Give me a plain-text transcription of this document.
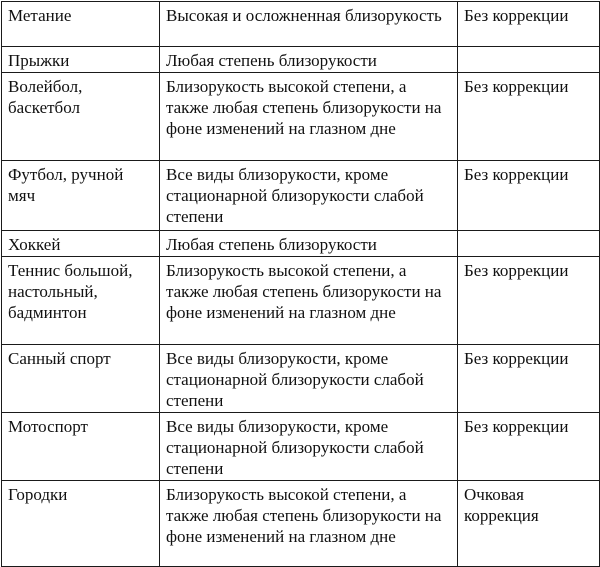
Метание	Высокая и осложненная близорукость	Без коррекции
Прыжки	Любая степень близорукости	
Волейбол, баскетбол	Близорукость высокой степени, а также любая степень близорукости на фоне изменений на глазном дне	Без коррекции
Футбол, ручной мяч	Все виды близорукости, кроме стационарной близорукости слабой степени	Без коррекции
Хоккей	Любая степень близорукости	
Теннис большой, настольный, бадминтон	Близорукость высокой степени, а также любая степень близорукости на фоне изменений на глазном дне	Без коррекции
Санный спорт	Все виды близорукости, кроме стационарной близорукости слабой степени	Без коррекции
Мотоспорт	Все виды близорукости, кроме стационарной близорукости слабой степени	Без коррекции
Городки	Близорукость высокой степени, а также любая степень близорукости на фоне изменений на глазном дне	Очковая коррекция
